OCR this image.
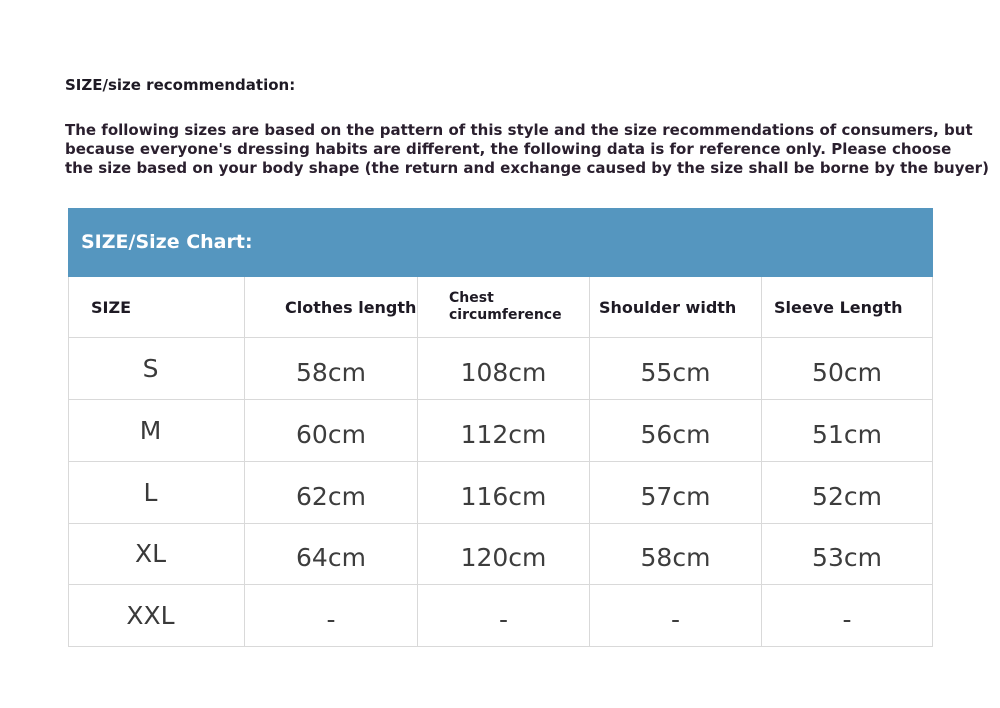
SIZE/size recommendation:

The following sizes are based on the pattern of this style and the size recommendations of consumers, but
because everyone's dressing habits are different, the following data is for reference only. Please choose
the size based on your body shape (the return and exchange caused by the size shall be borne by the buyer)

SIZE/Size Chart:				
SIZE	Clothes length	Chest
circumference	Shoulder width	Sleeve Length
S	58cm	108cm	55cm	50cm
M	60cm	112cm	56cm	51cm
L	62cm	116cm	57cm	52cm
XL	64cm	120cm	58cm	53cm
XXL	-	-	-	-
